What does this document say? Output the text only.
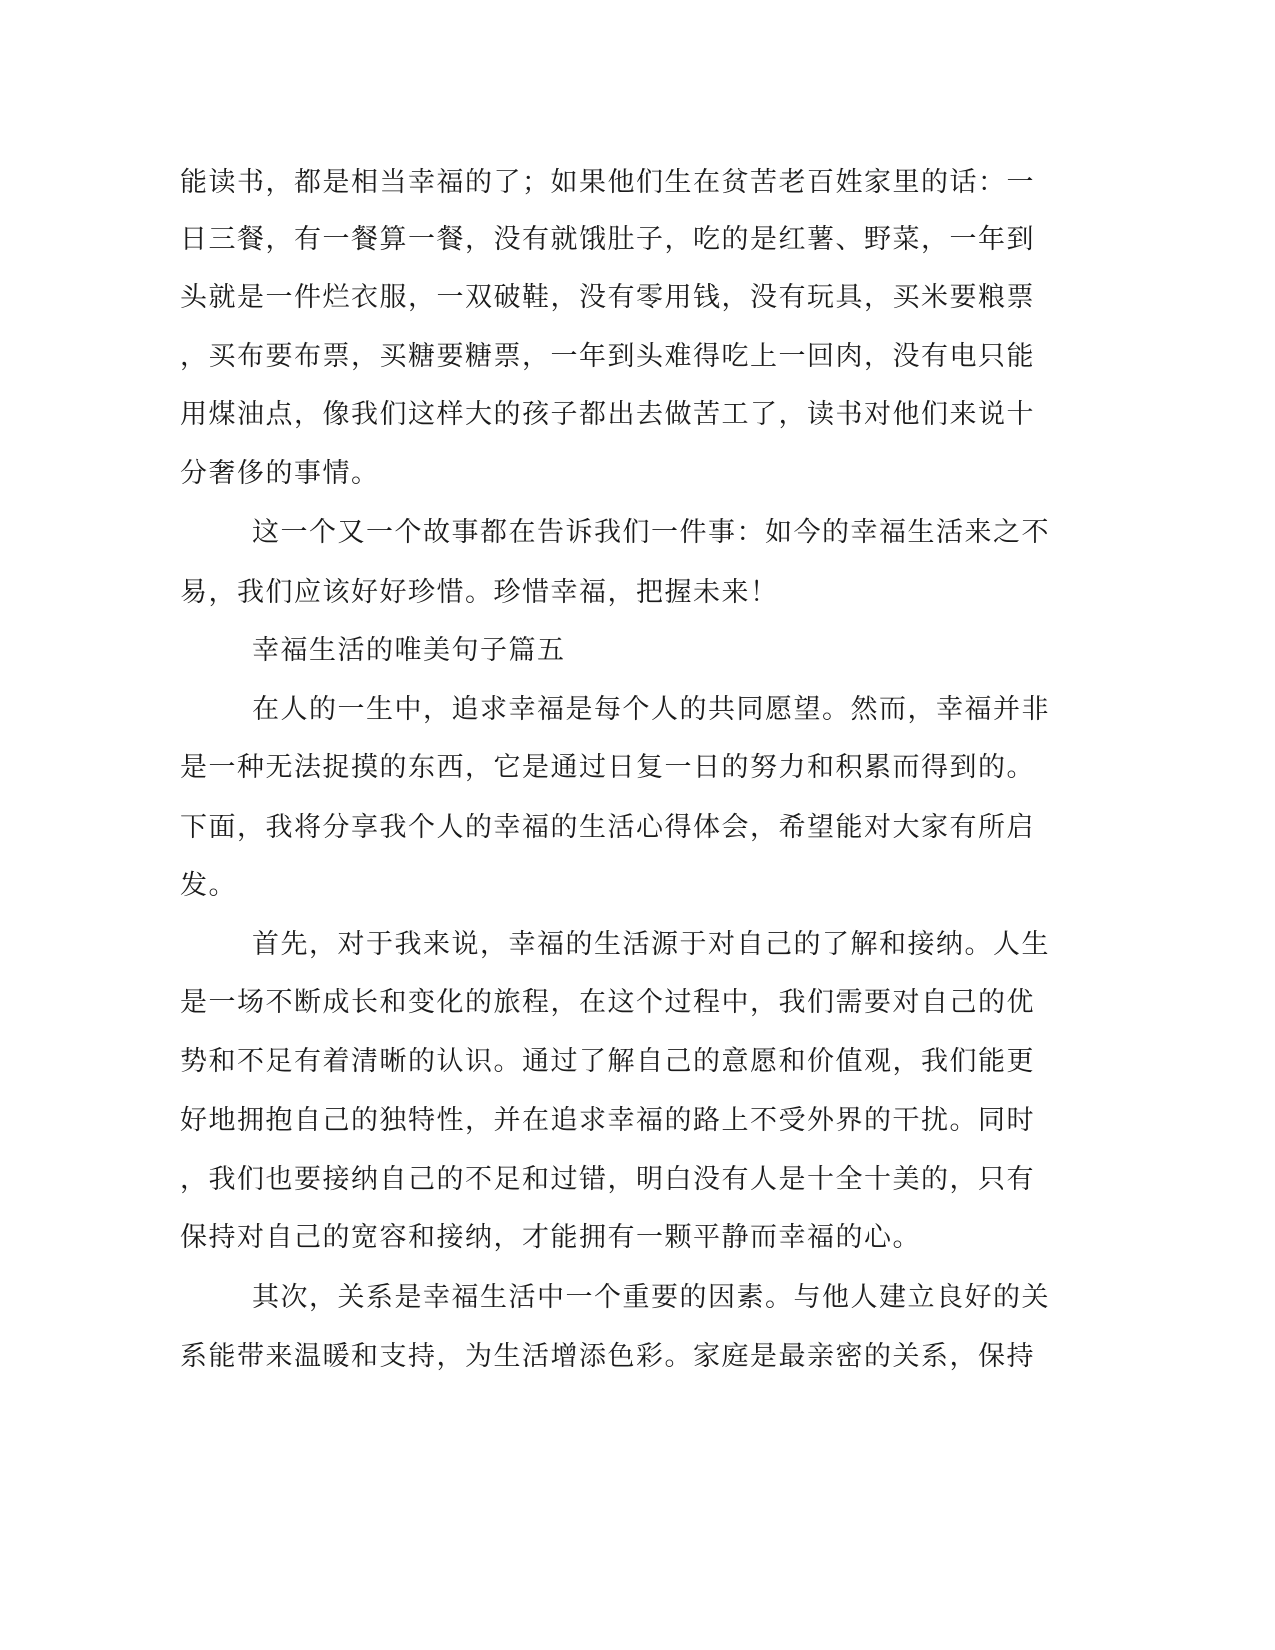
能读书，都是相当幸福的了；如果他们生在贫苦老百姓家里的话：一
日三餐，有一餐算一餐，没有就饿肚子，吃的是红薯、野菜，一年到
头就是一件烂衣服，一双破鞋，没有零用钱，没有玩具，买米要粮票
，买布要布票，买糖要糖票，一年到头难得吃上一回肉，没有电只能
用煤油点，像我们这样大的孩子都出去做苦工了，读书对他们来说十
分奢侈的事情。
这一个又一个故事都在告诉我们一件事：如今的幸福生活来之不
易，我们应该好好珍惜。珍惜幸福，把握未来！
幸福生活的唯美句子篇五
在人的一生中，追求幸福是每个人的共同愿望。然而，幸福并非
是一种无法捉摸的东西，它是通过日复一日的努力和积累而得到的。
下面，我将分享我个人的幸福的生活心得体会，希望能对大家有所启
发。
首先，对于我来说，幸福的生活源于对自己的了解和接纳。人生
是一场不断成长和变化的旅程，在这个过程中，我们需要对自己的优
势和不足有着清晰的认识。通过了解自己的意愿和价值观，我们能更
好地拥抱自己的独特性，并在追求幸福的路上不受外界的干扰。同时
，我们也要接纳自己的不足和过错，明白没有人是十全十美的，只有
保持对自己的宽容和接纳，才能拥有一颗平静而幸福的心。
其次，关系是幸福生活中一个重要的因素。与他人建立良好的关
系能带来温暖和支持，为生活增添色彩。家庭是最亲密的关系，保持
